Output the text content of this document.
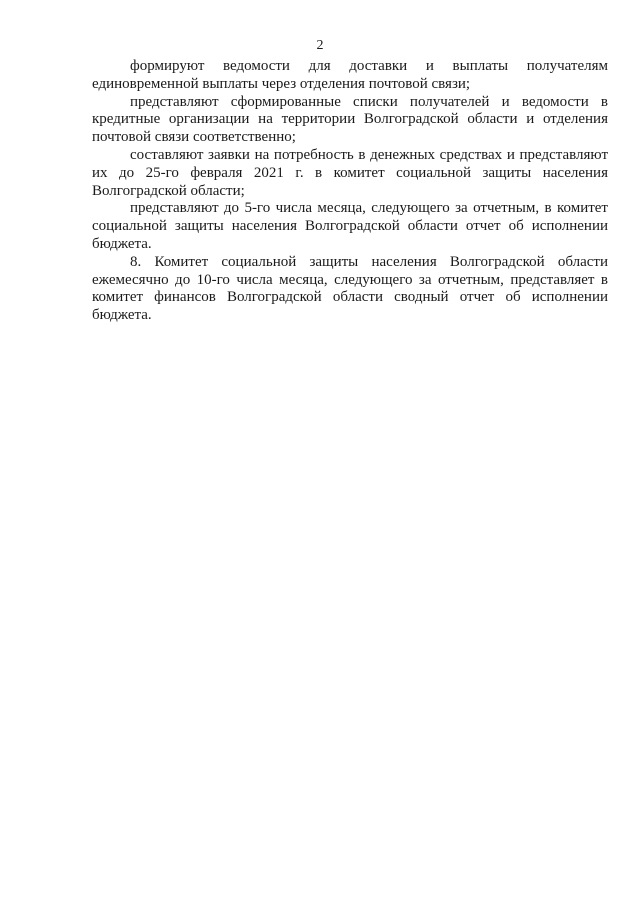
2

формируют ведомости для доставки и выплаты получателям единовременной выплаты через отделения почтовой связи;

представляют сформированные списки получателей и ведомости в кредитные организации на территории Волгоградской области и отделения почтовой связи соответственно;

составляют заявки на потребность в денежных средствах и представляют их до 25-го февраля 2021 г. в комитет социальной защиты населения Волгоградской области;

представляют до 5-го числа месяца, следующего за отчетным, в комитет социальной защиты населения Волгоградской области отчет об исполнении бюджета.

8. Комитет социальной защиты населения Волгоградской области ежемесячно до 10-го числа месяца, следующего за отчетным, представляет в комитет финансов Волгоградской области сводный отчет об исполнении бюджета.
